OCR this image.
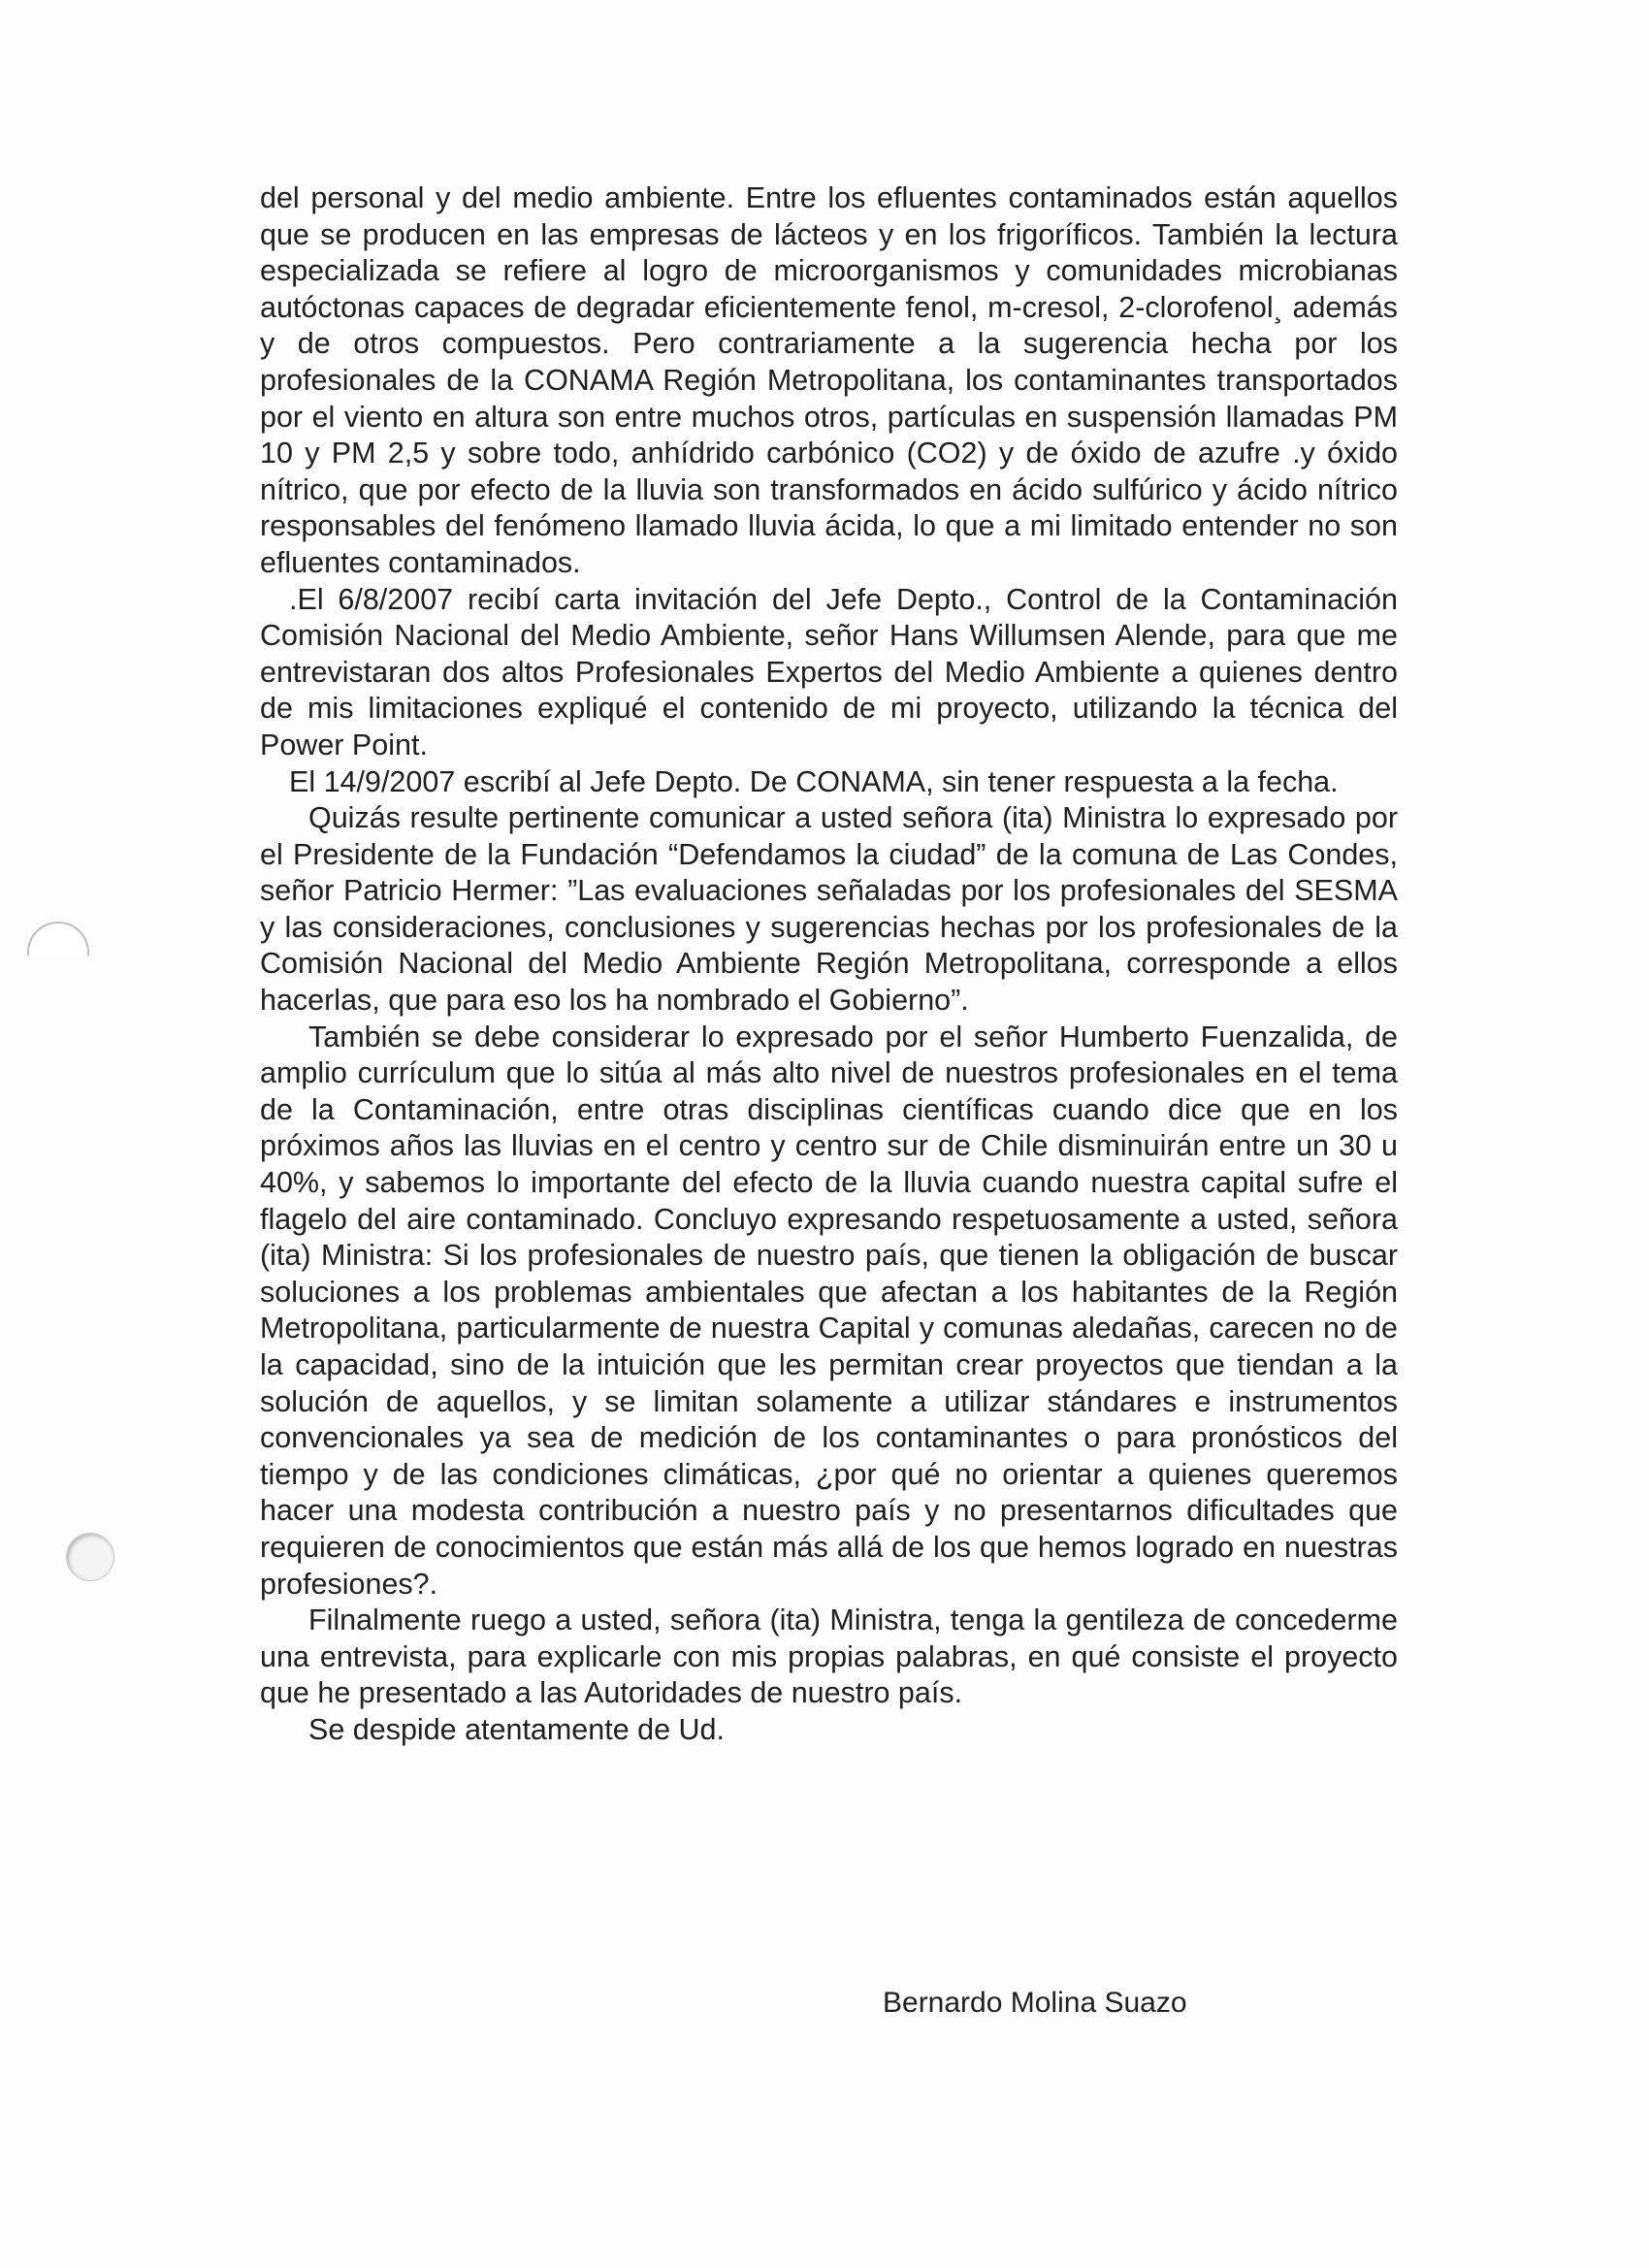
del personal y del medio ambiente. Entre los efluentes contaminados están aquellos que se producen en las empresas de lácteos y en los frigoríficos. También la lectura especializada se refiere al logro de microorganismos y comunidades microbianas autóctonas capaces de degradar eficientemente fenol, m-cresol, 2-clorofenol¸ además y de otros compuestos. Pero contrariamente a la sugerencia hecha por los profesionales de la CONAMA Región Metropolitana, los contaminantes transportados por el viento en altura son entre muchos otros, partículas en suspensión llamadas PM 10 y PM 2,5 y sobre todo, anhídrido carbónico (CO2) y de óxido de azufre .y óxido nítrico, que por efecto de la lluvia son transformados en ácido sulfúrico y ácido nítrico responsables del fenómeno llamado lluvia ácida, lo que a mi limitado entender no son efluentes contaminados.

.El 6/8/2007 recibí carta invitación del Jefe Depto., Control de la Contaminación Comisión Nacional del Medio Ambiente, señor Hans Willumsen Alende, para que me entrevistaran dos altos Profesionales Expertos del Medio Ambiente a quienes dentro de mis limitaciones expliqué el contenido de mi proyecto, utilizando la técnica del Power Point.

El 14/9/2007 escribí al Jefe Depto. De CONAMA, sin tener respuesta a la fecha.

Quizás resulte pertinente comunicar a usted señora (ita) Ministra lo expresado por el Presidente de la Fundación “Defendamos la ciudad” de la comuna de Las Condes, señor Patricio Hermer: ”Las evaluaciones señaladas por los profesionales del SESMA y las consideraciones, conclusiones y sugerencias hechas por los profesionales de la Comisión Nacional del Medio Ambiente Región Metropolitana, corresponde a ellos hacerlas, que para eso los ha nombrado el Gobierno”.

También se debe considerar lo expresado por el señor Humberto Fuenzalida, de amplio currículum que lo sitúa al más alto nivel de nuestros profesionales en el tema de la Contaminación, entre otras disciplinas científicas cuando dice que en los próximos años las lluvias en el centro y centro sur de Chile disminuirán entre un 30 u 40%, y sabemos lo importante del efecto de la lluvia cuando nuestra capital sufre el flagelo del aire contaminado. Concluyo expresando respetuosamente a usted, señora (ita) Ministra: Si los profesionales de nuestro país, que tienen la obligación de buscar soluciones a los problemas ambientales que afectan a los habitantes de la Región Metropolitana, particularmente de nuestra Capital y comunas aledañas, carecen no de la capacidad, sino de la intuición que les permitan crear proyectos que tiendan a la solución de aquellos, y se limitan solamente a utilizar stándares e instrumentos convencionales ya sea de medición de los contaminantes o para pronósticos del tiempo y de las condiciones climáticas, ¿por qué no orientar a quienes queremos hacer una modesta contribución a nuestro país y no presentarnos dificultades que requieren de conocimientos que están más allá de los que hemos logrado en nuestras profesiones?.

Filnalmente ruego a usted, señora (ita) Ministra, tenga la gentileza de concederme una entrevista, para explicarle con mis propias palabras, en qué consiste el proyecto que he presentado a las Autoridades de nuestro país.

Se despide atentamente de Ud.

Bernardo Molina Suazo
